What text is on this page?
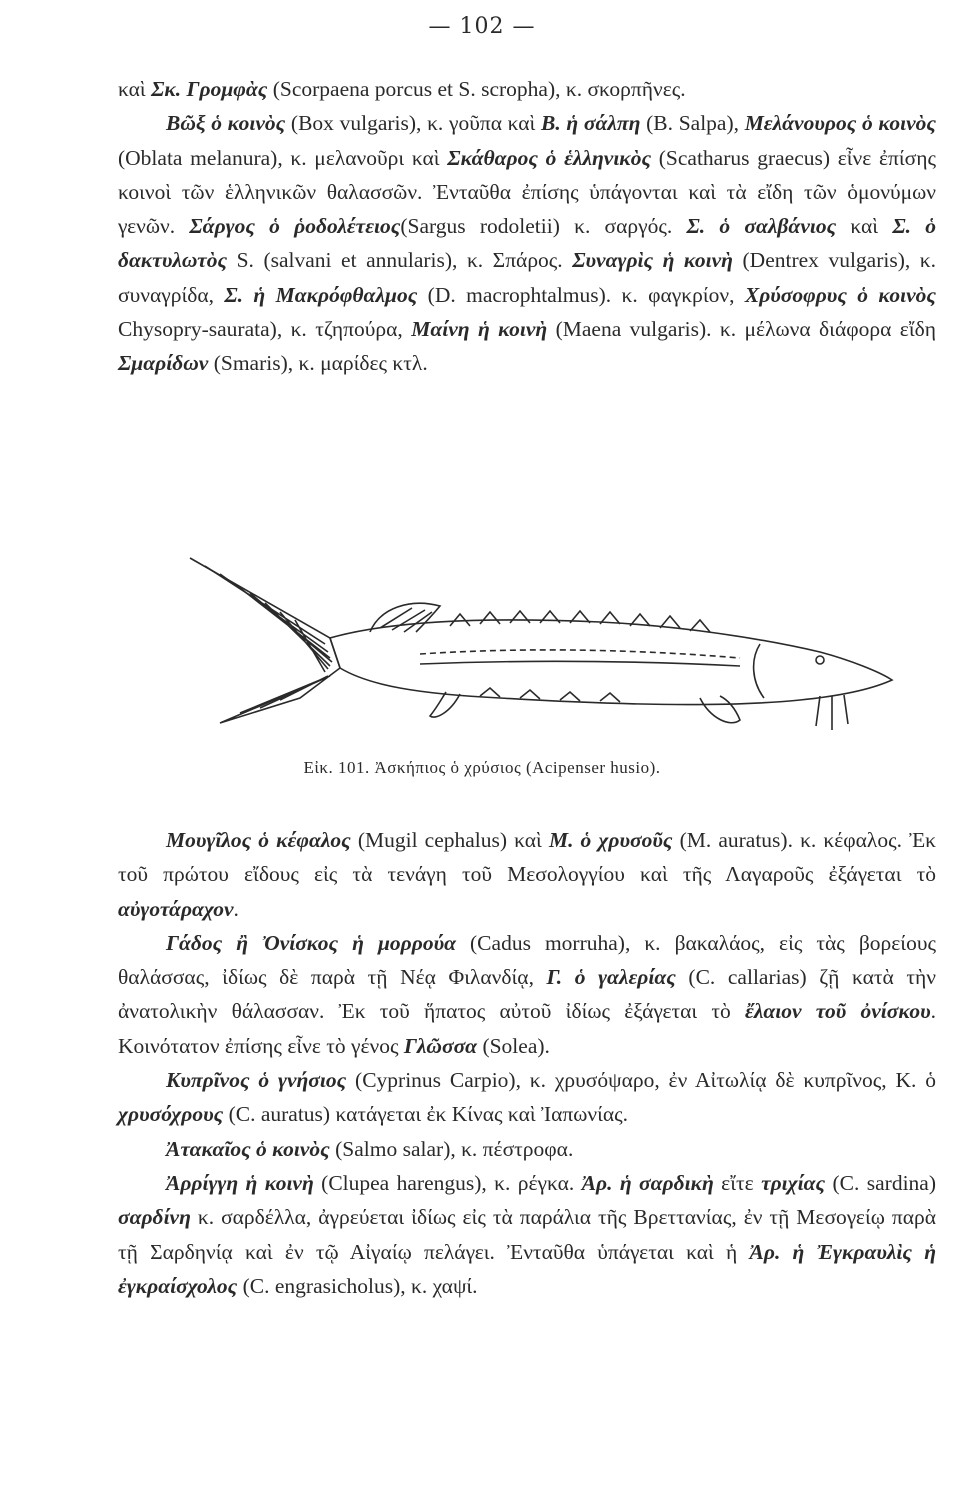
— 102 —

καὶ Σκ. Γρομφὰς (Scorpaena porcus et S. scropha), κ. σκορπῆνες.

Βῶξ ὁ κοινὸς (Box vulgaris), κ. γοῦπα καὶ Β. ἡ σάλπη (B. Salpa), Μελάνουρος ὁ κοινὸς (Oblata melanura), κ. μελανοῦρι καὶ Σκάθαρος ὁ ἑλληνικὸς (Scatharus graecus) εἶνε ἐπίσης κοινοὶ τῶν ἑλληνικῶν θαλασσῶν. Ἐνταῦθα ἐπίσης ὑπάγονται καὶ τὰ εἴδη τῶν ὁμονύμων γενῶν. Σάργος ὁ ῥοδολέτειος(Sargus rodoletii) κ. σαργός. Σ. ὁ σαλβάνιος καὶ Σ. ὁ δακτυλωτὸς S. (salvani et annularis), κ. Σπάρος. Συναγρὶς ἡ κοινὴ (Dentrex vulgaris), κ. συναγρίδα, Σ. ἡ Μακρόφθαλμος (D. macrophtalmus). κ. φαγκρίον, Χρύσοφρυς ὁ κοινὸς Chysopry-saurata), κ. τζηπούρα, Μαίνη ἡ κοινὴ (Maena vulgaris). κ. μέλωνα διάφορα εἴδη Σμαρίδων (Smaris), κ. μαρίδες κτλ.

Εἰκ. 101. Ἀσκήπιος ὁ χρύσιος (Acipenser husio).

Μουγῖλος ὁ κέφαλος (Mugil cephalus) καὶ Μ. ὁ χρυσοῦς (M. auratus). κ. κέφαλος. Ἐκ τοῦ πρώτου εἴδους εἰς τὰ τενάγη τοῦ Μεσολογγίου καὶ τῆς Λαγαροῦς ἐξάγεται τὸ αὐγοτάραχον.

Γάδος ἢ Ὀνίσκος ἡ μορρούα (Cadus morruha), κ. βακαλάος, εἰς τὰς βορείους θαλάσσας, ἰδίως δὲ παρὰ τῇ Νέᾳ Φιλανδίᾳ, Γ. ὁ γαλερίας (C. callarias) ζῇ κατὰ τὴν ἀνατολικὴν θάλασσαν. Ἐκ τοῦ ἥπατος αὐτοῦ ἰδίως ἐξάγεται τὸ ἔλαιον τοῦ ὀνίσκου. Κοινότατον ἐπίσης εἶνε τὸ γένος Γλῶσσα (Solea).

Κυπρῖνος ὁ γνήσιος (Cyprinus Carpio), κ. χρυσόψαρο, ἐν Αἰτωλίᾳ δὲ κυπρῖνος, K. ὁ χρυσόχρους (C. auratus) κατάγεται ἐκ Κίνας καὶ Ἰαπωνίας.

Ἀτακαῖος ὁ κοινὸς (Salmo salar), κ. πέστροφα.

Ἀρρίγγη ἡ κοινὴ (Clupea harengus), κ. ρέγκα. Ἀρ. ἡ σαρδικὴ εἴτε τριχίας (C. sardina) σαρδίνη κ. σαρδέλλα, ἀγρεύεται ἰδίως εἰς τὰ παράλια τῆς Βρεττανίας, ἐν τῇ Μεσογείῳ παρὰ τῇ Σαρδηνίᾳ καὶ ἐν τῷ Αἰγαίῳ πελάγει. Ἐνταῦθα ὑπάγεται καὶ ἡ Ἀρ. ἡ Ἐγκραυλὶς ἡ ἐγκραίσχολος (C. engrasicholus), κ. χαψί.
